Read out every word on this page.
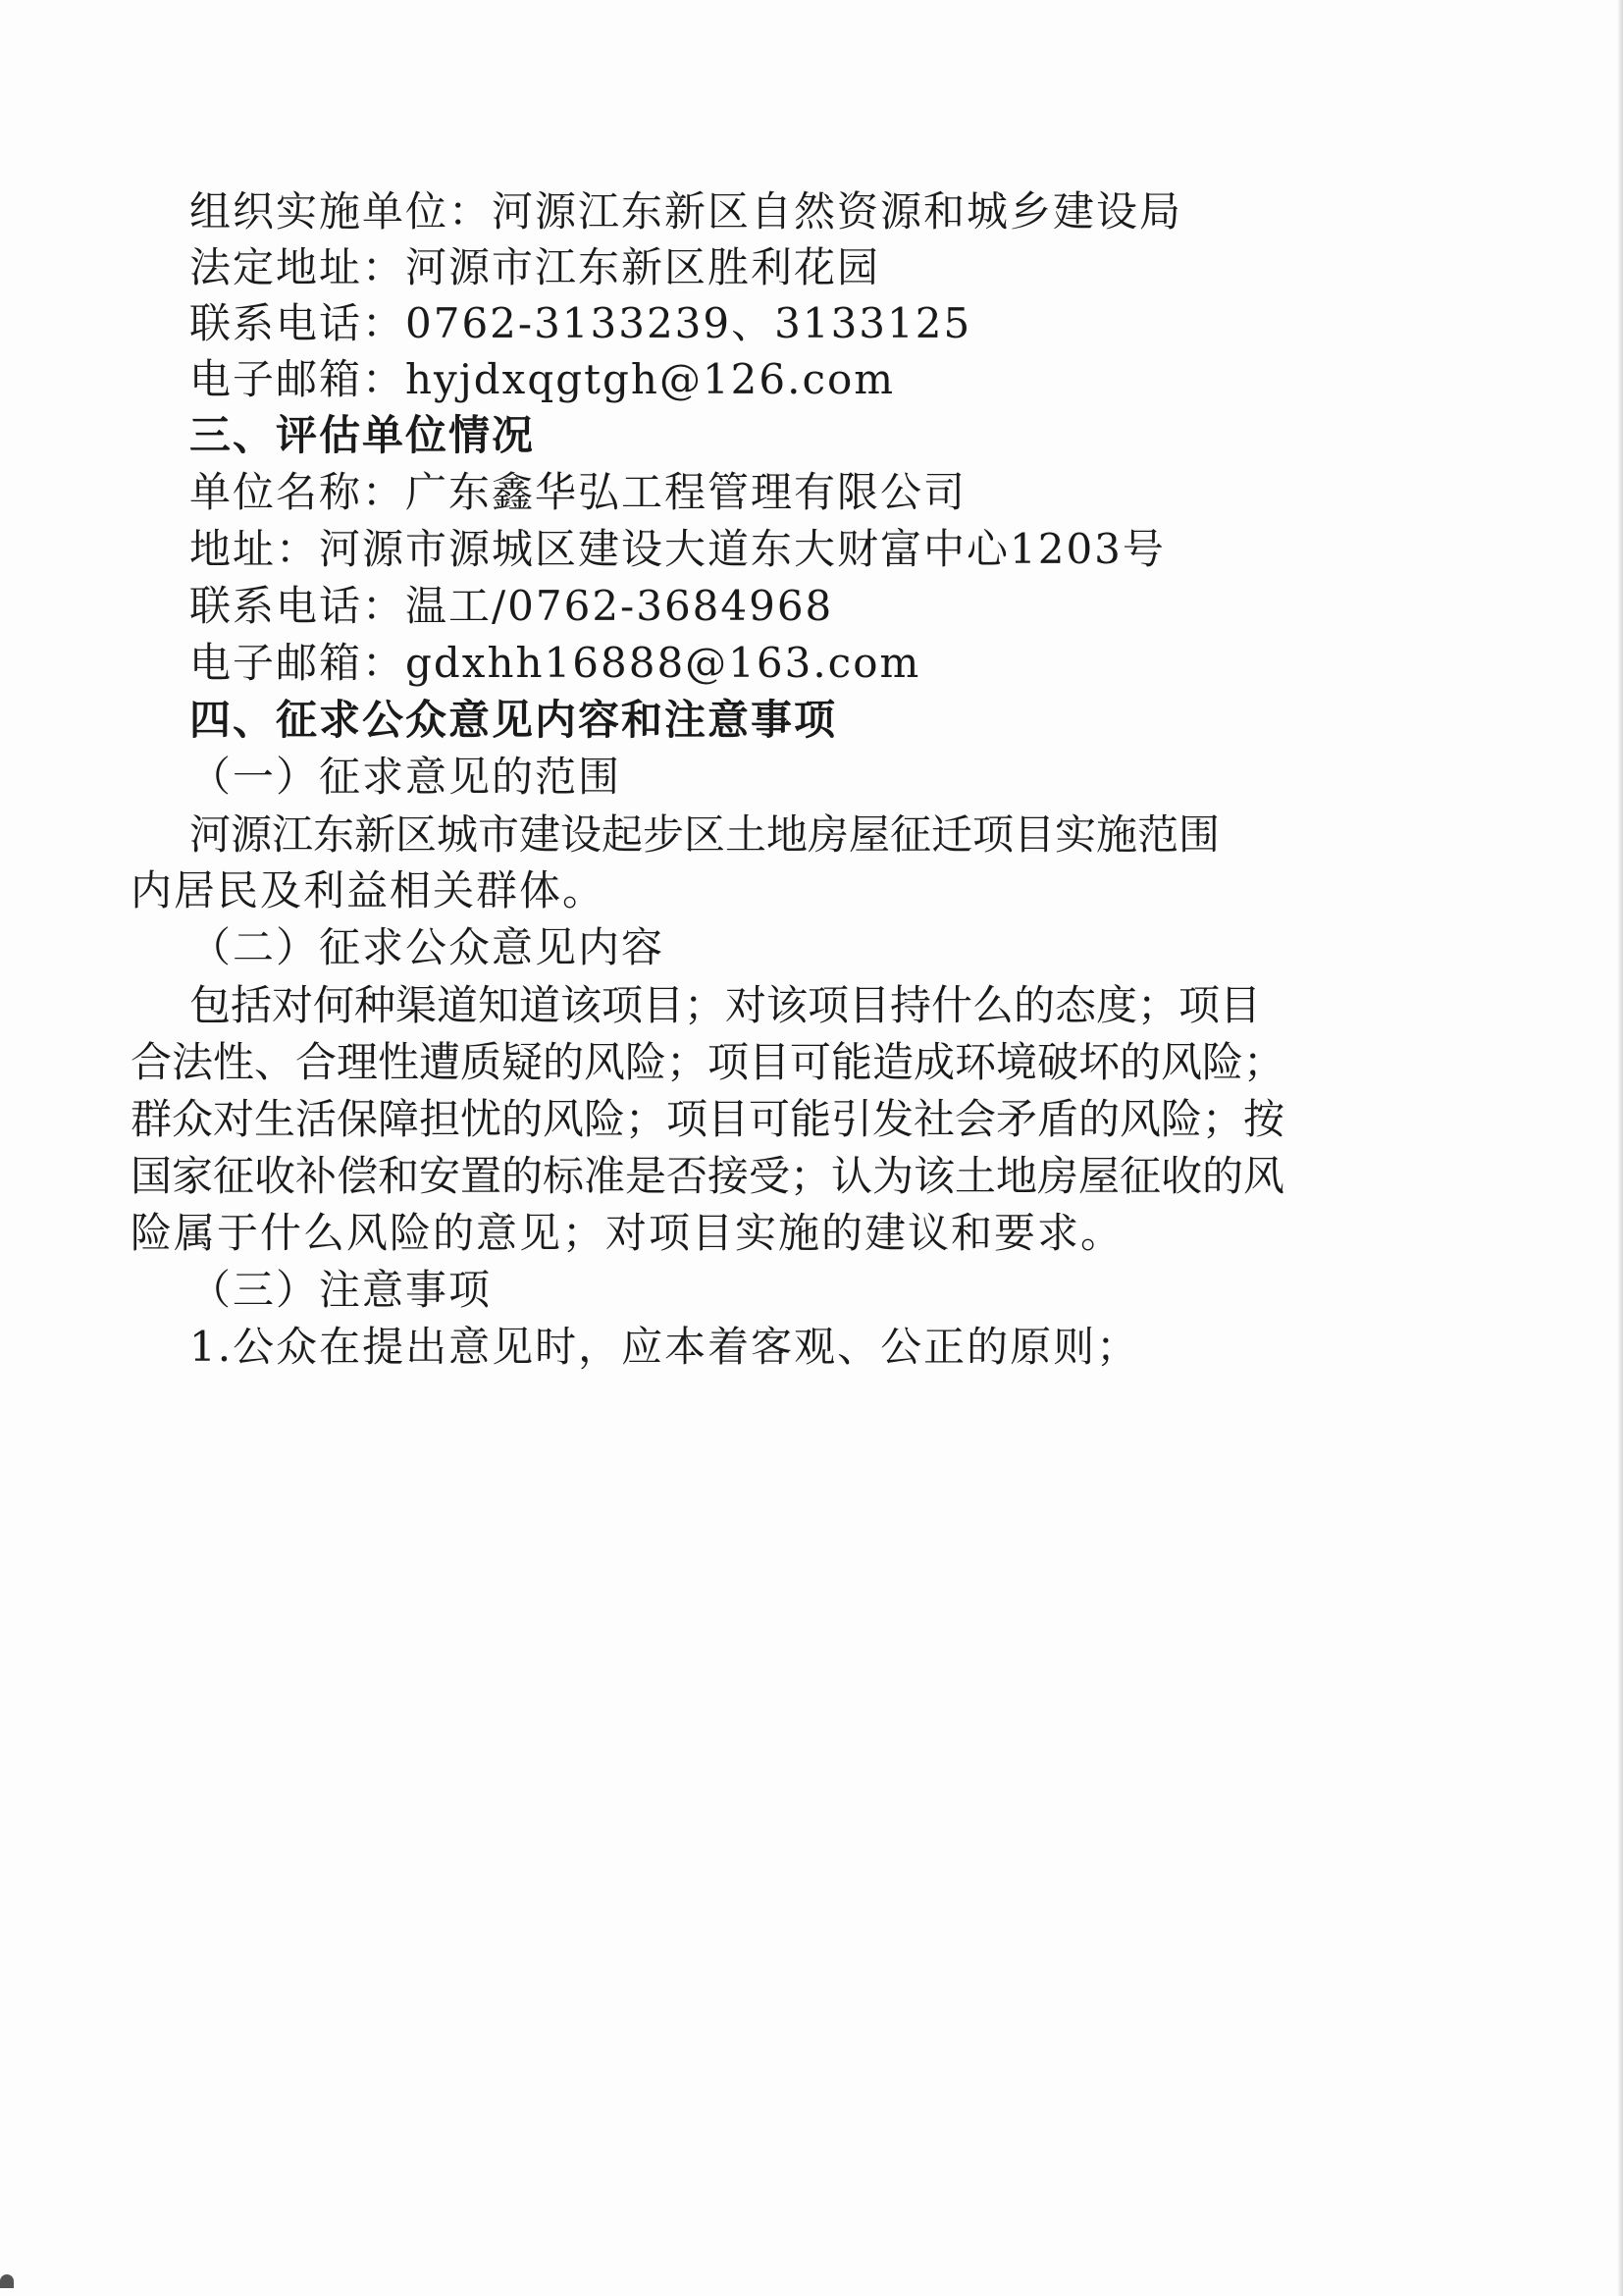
组织实施单位：河源江东新区自然资源和城乡建设局

法定地址：河源市江东新区胜利花园

联系电话：0762-3133239、3133125

电子邮箱：hyjdxqgtgh@126.com

三、评估单位情况

单位名称：广东鑫华弘工程管理有限公司

地址：河源市源城区建设大道东大财富中心1203号

联系电话：温工/0762-3684968

电子邮箱：gdxhh16888@163.com

四、征求公众意见内容和注意事项

（一）征求意见的范围

河源江东新区城市建设起步区土地房屋征迁项目实施范围

内居民及利益相关群体。

（二）征求公众意见内容

包括对何种渠道知道该项目；对该项目持什么的态度；项目

合法性、合理性遭质疑的风险；项目可能造成环境破坏的风险；

群众对生活保障担忧的风险；项目可能引发社会矛盾的风险；按

国家征收补偿和安置的标准是否接受；认为该土地房屋征收的风

险属于什么风险的意见；对项目实施的建议和要求。

（三）注意事项

1.公众在提出意见时，应本着客观、公正的原则；
